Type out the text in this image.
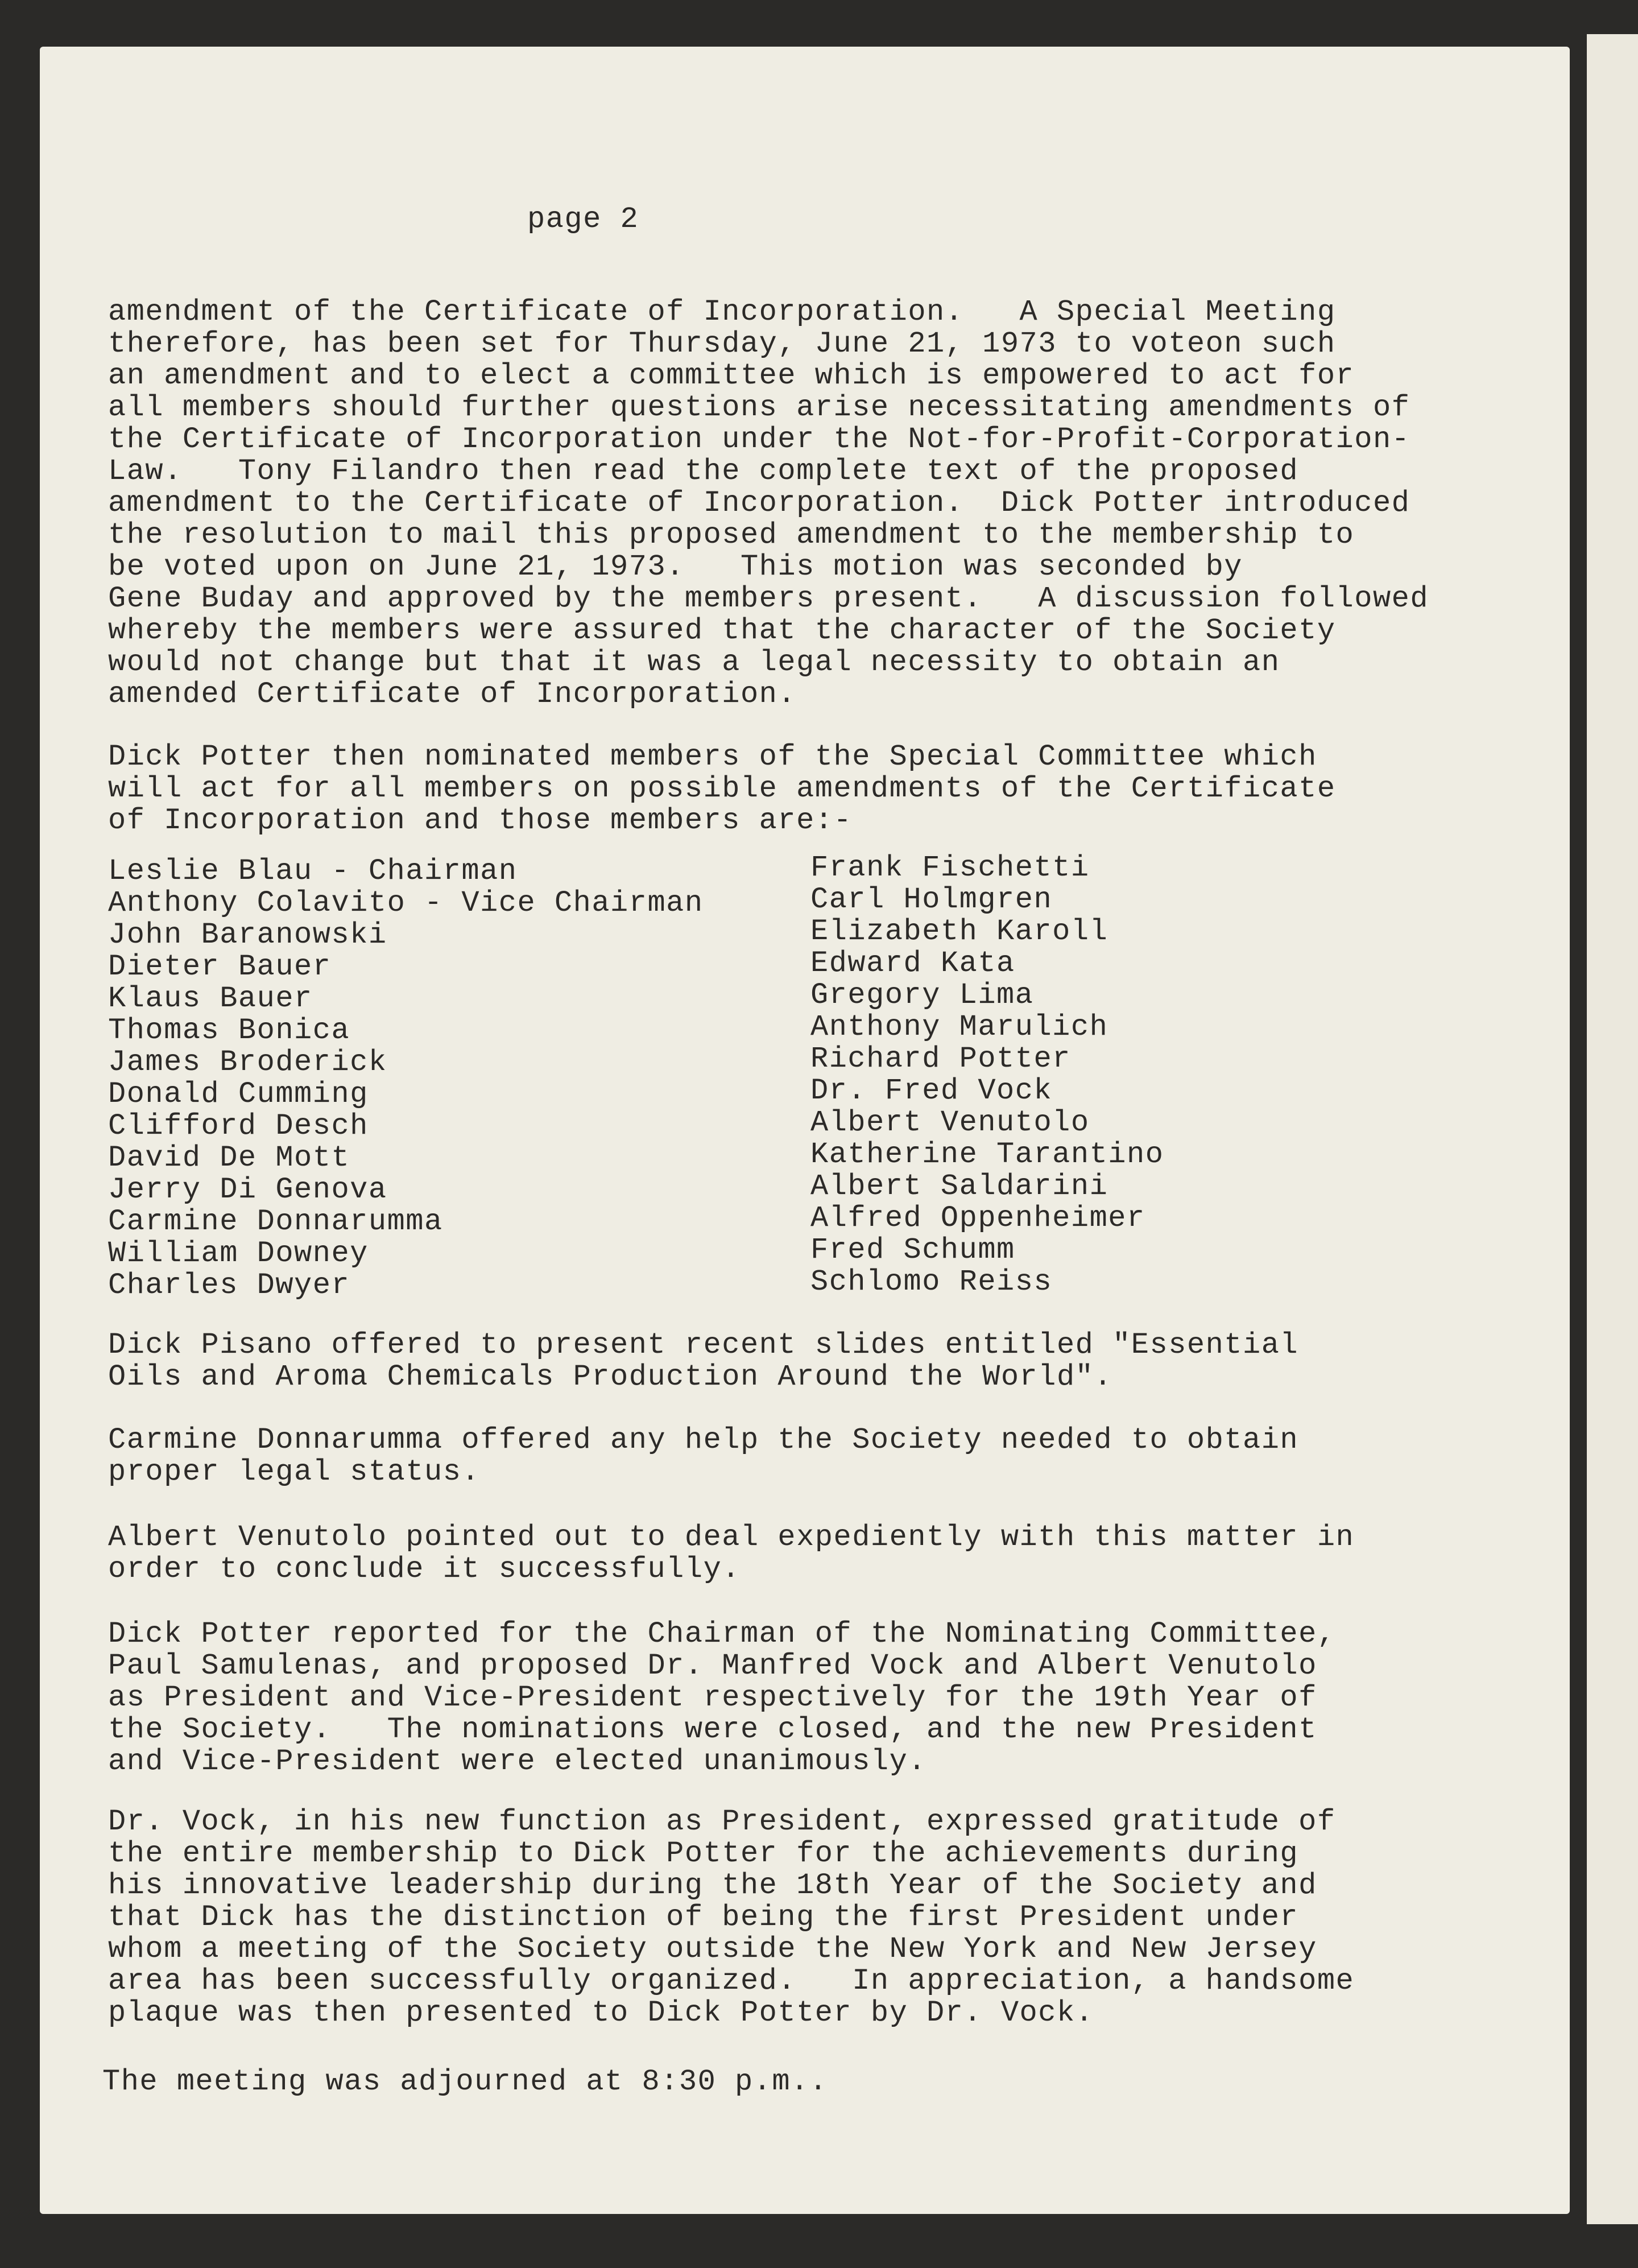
page 2
amendment of the Certificate of Incorporation.   A Special Meeting
therefore, has been set for Thursday, June 21, 1973 to voteon such
an amendment and to elect a committee which is empowered to act for
all members should further questions arise necessitating amendments of
the Certificate of Incorporation under the Not-for-Profit-Corporation-
Law.   Tony Filandro then read the complete text of the proposed
amendment to the Certificate of Incorporation.  Dick Potter introduced
the resolution to mail this proposed amendment to the membership to
be voted upon on June 21, 1973.   This motion was seconded by
Gene Buday and approved by the members present.   A discussion followed
whereby the members were assured that the character of the Society
would not change but that it was a legal necessity to obtain an
amended Certificate of Incorporation.
Dick Potter then nominated members of the Special Committee which
will act for all members on possible amendments of the Certificate
of Incorporation and those members are:-
Leslie Blau - Chairman
Anthony Colavito - Vice Chairman
John Baranowski
Dieter Bauer
Klaus Bauer
Thomas Bonica
James Broderick
Donald Cumming
Clifford Desch
David De Mott
Jerry Di Genova
Carmine Donnarumma
William Downey
Charles Dwyer
Frank Fischetti
Carl Holmgren
Elizabeth Karoll
Edward Kata
Gregory Lima
Anthony Marulich
Richard Potter
Dr. Fred Vock
Albert Venutolo
Katherine Tarantino
Albert Saldarini
Alfred Oppenheimer
Fred Schumm
Schlomo Reiss
Dick Pisano offered to present recent slides entitled "Essential
Oils and Aroma Chemicals Production Around the World".
Carmine Donnarumma offered any help the Society needed to obtain
proper legal status.
Albert Venutolo pointed out to deal expediently with this matter in
order to conclude it successfully.
Dick Potter reported for the Chairman of the Nominating Committee,
Paul Samulenas, and proposed Dr. Manfred Vock and Albert Venutolo
as President and Vice-President respectively for the 19th Year of
the Society.   The nominations were closed, and the new President
and Vice-President were elected unanimously.
Dr. Vock, in his new function as President, expressed gratitude of
the entire membership to Dick Potter for the achievements during
his innovative leadership during the 18th Year of the Society and
that Dick has the distinction of being the first President under
whom a meeting of the Society outside the New York and New Jersey
area has been successfully organized.   In appreciation, a handsome
plaque was then presented to Dick Potter by Dr. Vock.
The meeting was adjourned at 8:30 p.m..
